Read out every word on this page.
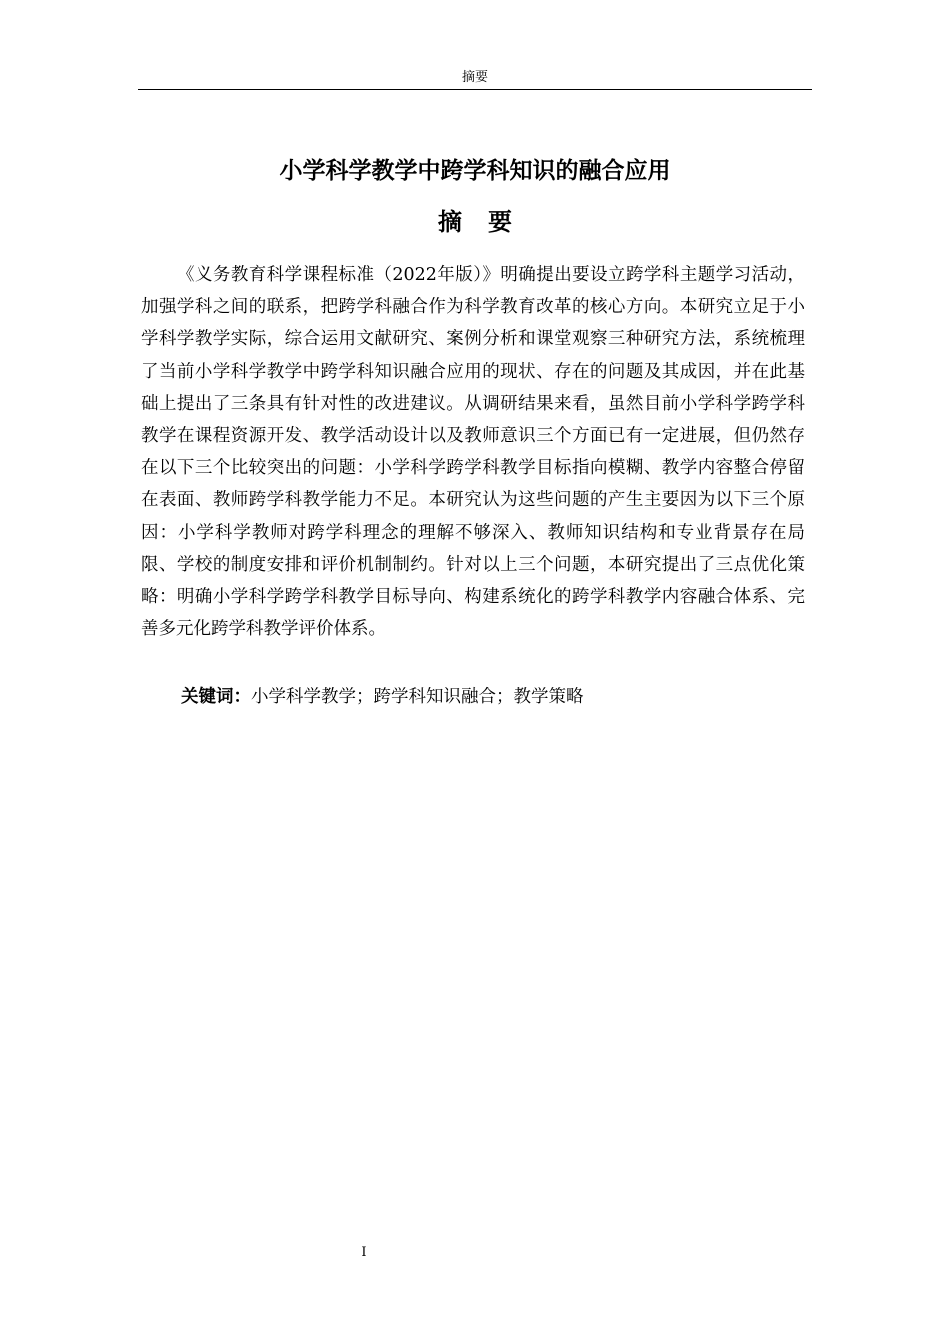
摘要
小学科学教学中跨学科知识的融合应用
摘要

《义务教育科学课程标准（2022年版）》明确提出要设立跨学科主题学习活动，加强学科之间的联系，把跨学科融合作为科学教育改革的核心方向。本研究立足于小学科学教学实际，综合运用文献研究、案例分析和课堂观察三种研究方法，系统梳理了当前小学科学教学中跨学科知识融合应用的现状、存在的问题及其成因，并在此基础上提出了三条具有针对性的改进建议。从调研结果来看，虽然目前小学科学跨学科教学在课程资源开发、教学活动设计以及教师意识三个方面已有一定进展，但仍然存在以下三个比较突出的问题：小学科学跨学科教学目标指向模糊、教学内容整合停留在表面、教师跨学科教学能力不足。本研究认为这些问题的产生主要因为以下三个原因：小学科学教师对跨学科理念的理解不够深入、教师知识结构和专业背景存在局限、学校的制度安排和评价机制制约。针对以上三个问题，本研究提出了三点优化策略：明确小学科学跨学科教学目标导向、构建系统化的跨学科教学内容融合体系、完善多元化跨学科教学评价体系。

关键词：小学科学教学；跨学科知识融合；教学策略

I
